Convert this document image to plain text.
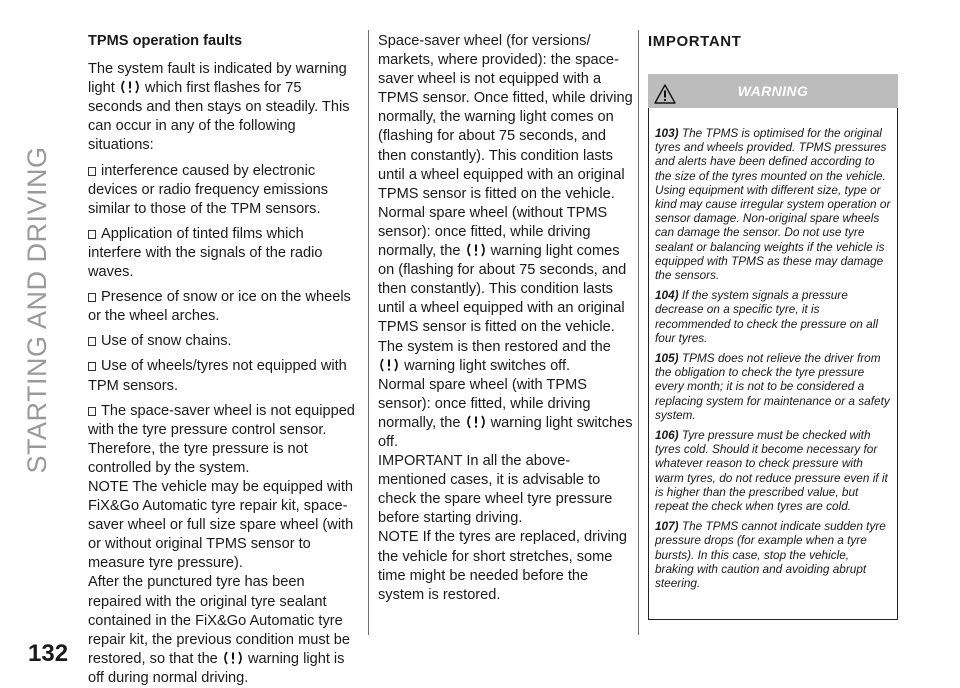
STARTING AND DRIVING
132

TPMS operation faults

The system fault is indicated by warning light which first flashes for 75 seconds and then stays on steadily. This can occur in any of the following situations:

interference caused by electronic devices or radio frequency emissions similar to those of the TPM sensors.

Application of tinted films which interfere with the signals of the radio waves.

Presence of snow or ice on the wheels or the wheel arches.

Use of snow chains.

Use of wheels/tyres not equipped with TPM sensors.

The space-saver wheel is not equipped with the tyre pressure control sensor. Therefore, the tyre pressure is not controlled by the system.

NOTE The vehicle may be equipped with FiX&Go Automatic tyre repair kit, space-saver wheel or full size spare wheel (with or without original TPMS sensor to measure tyre pressure).

After the punctured tyre has been repaired with the original tyre sealant contained in the FiX&Go Automatic tyre repair kit, the previous condition must be restored, so that the warning light is off during normal driving.

Space-saver wheel (for versions/ markets, where provided): the space-saver wheel is not equipped with a TPMS sensor. Once fitted, while driving normally, the warning light comes on (flashing for about 75 seconds, and then constantly). This condition lasts until a wheel equipped with an original TPMS sensor is fitted on the vehicle.

Normal spare wheel (without TPMS sensor): once fitted, while driving normally, the warning light comes on (flashing for about 75 seconds, and then constantly). This condition lasts until a wheel equipped with an original TPMS sensor is fitted on the vehicle. The system is then restored and the  warning light switches off.

Normal spare wheel (with TPMS sensor): once fitted, while driving normally, the warning light switches off.

IMPORTANT In all the above-mentioned cases, it is advisable to check the spare wheel tyre pressure before starting driving.

NOTE If the tyres are replaced, driving the vehicle for short stretches, some time might be needed before the system is restored.

IMPORTANT

WARNING

103) The TPMS is optimised for the original tyres and wheels provided. TPMS pressures and alerts have been defined according to the size of the tyres mounted on the vehicle. Using equipment with different size, type or kind may cause irregular system operation or sensor damage. Non-original spare wheels can damage the sensor. Do not use tyre sealant or balancing weights if the vehicle is equipped with TPMS as these may damage the sensors.

104) If the system signals a pressure decrease on a specific tyre, it is recommended to check the pressure on all four tyres.

105) TPMS does not relieve the driver from the obligation to check the tyre pressure every month; it is not to be considered a replacing system for maintenance or a safety system.

106) Tyre pressure must be checked with tyres cold. Should it become necessary for whatever reason to check pressure with warm tyres, do not reduce pressure even if it is higher than the prescribed value, but repeat the check when tyres are cold.

107) The TPMS cannot indicate sudden tyre pressure drops (for example when a tyre bursts). In this case, stop the vehicle, braking with caution and avoiding abrupt steering.
